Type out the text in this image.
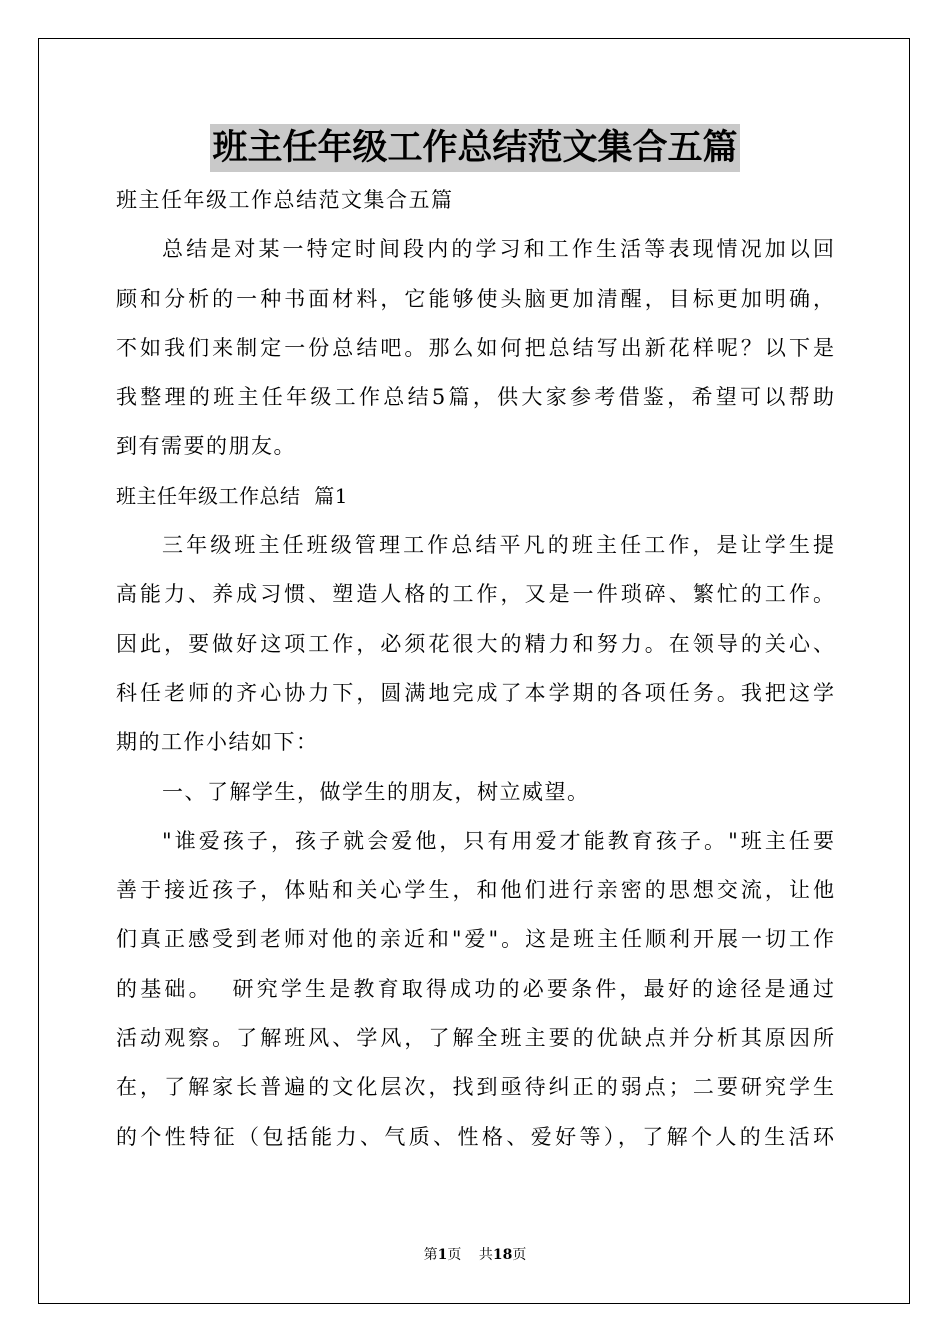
班主任年级工作总结范文集合五篇
班主任年级工作总结范文集合五篇
总结是对某一特定时间段内的学习和工作生活等表现情况加以回
顾和分析的一种书面材料，它能够使头脑更加清醒，目标更加明确，
不如我们来制定一份总结吧。那么如何把总结写出新花样呢？以下是
我整理的班主任年级工作总结5篇，供大家参考借鉴，希望可以帮助
到有需要的朋友。
班主任年级工作总结  篇1
三年级班主任班级管理工作总结平凡的班主任工作，是让学生提
高能力、养成习惯、塑造人格的工作，又是一件琐碎、繁忙的工作。
因此，要做好这项工作，必须花很大的精力和努力。在领导的关心、
科任老师的齐心协力下，圆满地完成了本学期的各项任务。我把这学
期的工作小结如下：
一、了解学生，做学生的朋友，树立威望。
"谁爱孩子，孩子就会爱他，只有用爱才能教育孩子。"班主任要
善于接近孩子，体贴和关心学生，和他们进行亲密的思想交流，让他
们真正感受到老师对他的亲近和"爱"。这是班主任顺利开展一切工作
的基础。  研究学生是教育取得成功的必要条件，最好的途径是通过
活动观察。了解班风、学风，了解全班主要的优缺点并分析其原因所
在，了解家长普遍的文化层次，找到亟待纠正的弱点；二要研究学生
的个性特征（包括能力、气质、性格、爱好等），了解个人的生活环
第1页 共18页
